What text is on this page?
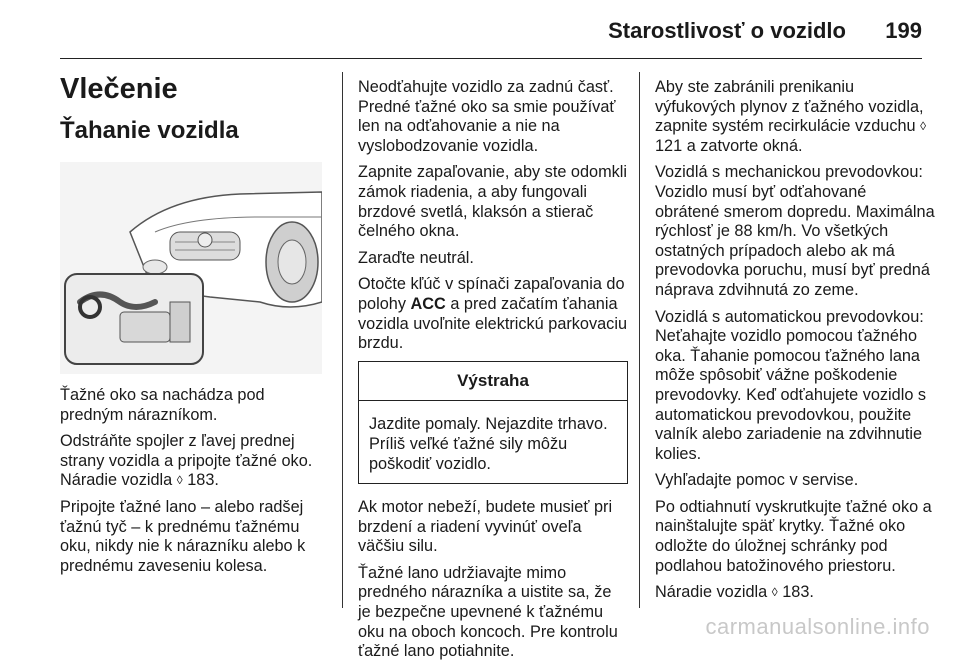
Starostlivosť o vozidlo 199
Vlečenie
Ťahanie vozidla

Ťažné oko sa nachádza pod predným nárazníkom.

Odstráňte spojler z ľavej prednej strany vozidla a pripojte ťažné oko. Náradie vozidla ◊ 183.

Pripojte ťažné lano – alebo radšej ťažnú tyč – k prednému ťažnému oku, nikdy nie k nárazníku alebo k prednému zaveseniu kolesa.

Neodťahujte vozidlo za zadnú časť. Predné ťažné oko sa smie používať len na odťahovanie a nie na vyslobodzovanie vozidla.

Zapnite zapaľovanie, aby ste odomkli zámok riadenia, a aby fungovali brzdové svetlá, klaksón a stierač čelného okna.

Zaraďte neutrál.

Otočte kľúč v spínači zapaľovania do polohy ACC a pred začatím ťahania vozidla uvoľnite elektrickú parkovaciu brzdu.

Výstraha
Jazdite pomaly. Nejazdite trhavo. Príliš veľké ťažné sily môžu poškodiť vozidlo.

Ak motor nebeží, budete musieť pri brzdení a riadení vyvinúť oveľa väčšiu silu.

Ťažné lano udržiavajte mimo predného nárazníka a uistite sa, že je bezpečne upevnené k ťažnému oku na oboch koncoch. Pre kontrolu ťažné lano potiahnite.

Aby ste zabránili prenikaniu výfukových plynov z ťažného vozidla, zapnite systém recirkulácie vzduchu ◊ 121 a zatvorte okná.

Vozidlá s mechanickou prevodovkou: Vozidlo musí byť odťahované obrátené smerom dopredu. Maximálna rýchlosť je 88 km/h. Vo všetkých ostatných prípadoch alebo ak má prevodovka poruchu, musí byť predná náprava zdvihnutá zo zeme.

Vozidlá s automatickou prevodovkou: Neťahajte vozidlo pomocou ťažného oka. Ťahanie pomocou ťažného lana môže spôsobiť vážne poškodenie prevodovky. Keď odťahujete vozidlo s automatickou prevodovkou, použite valník alebo zariadenie na zdvihnutie kolies.

Vyhľadajte pomoc v servise.

Po odtiahnutí vyskrutkujte ťažné oko a nainštalujte späť krytky. Ťažné oko odložte do úložnej schránky pod podlahou batožinového priestoru.

Náradie vozidla ◊ 183.

carmanualsonline.info
